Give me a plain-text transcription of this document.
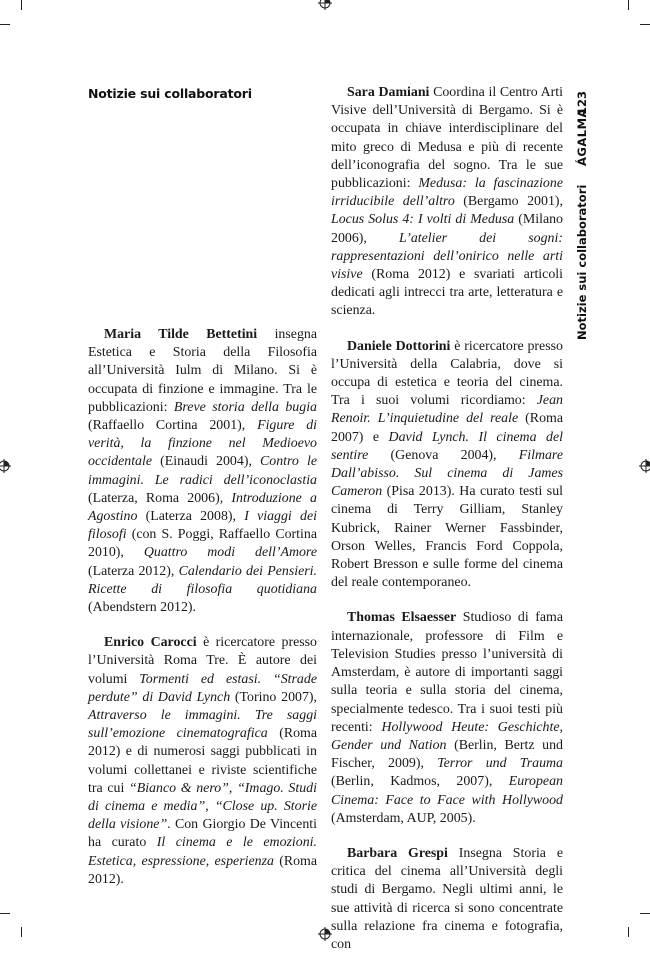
Notizie sui collaboratori
Notizie sui collaboratori
ÁGALMA
123

Maria Tilde Bettetini insegna Estetica e Storia della Filosofia all’Università Iulm di Milano. Si è occupata di finzione e immagine. Tra le pubblicazioni: Breve storia della bugia (Raffaello Cortina 2001), Figure di verità, la finzione nel Medioevo occidentale (Einaudi 2004), Contro le immagini. Le radici dell’iconoclastia (Laterza, Roma 2006), Introduzione a Agostino (Laterza 2008), I viaggi dei filosofi (con S. Poggi, Raffaello Cortina 2010), Quattro modi dell’Amore (Laterza 2012), Calendario dei Pensieri. Ricette di filosofia quotidiana (Abendstern 2012).

Enrico Carocci è ricercatore presso l’Università Roma Tre. È autore dei volumi Tormenti ed estasi. “Strade perdute” di David Lynch (Torino 2007), Attraverso le immagini. Tre saggi sull’emozione cinematografica (Roma 2012) e di numerosi saggi pubblicati in volumi collettanei e riviste scientifiche tra cui “Bianco & nero”, “Imago. Studi di cinema e media”, “Close up. Storie della visione”. Con Giorgio De Vincenti ha curato Il cinema e le emozioni. Estetica, espressione, esperienza (Roma 2012).

Sara Damiani Coordina il Centro Arti Visive dell’Università di Bergamo. Si è occupata in chiave interdisciplinare del mito greco di Medusa e più di recente dell’iconografia del sogno. Tra le sue pubblicazioni: Medusa: la fascinazione irriducibile dell’altro (Bergamo 2001), Locus Solus 4: I volti di Medusa (Milano 2006), L’atelier dei sogni: rappresentazioni dell’onirico nelle arti visive (Roma 2012) e svariati articoli dedicati agli intrecci tra arte, letteratura e scienza.

Daniele Dottorini è ricercatore presso l’Università della Calabria, dove si occupa di estetica e teoria del cinema. Tra i suoi volumi ricordiamo: Jean Renoir. L’inquietudine del reale (Roma 2007) e David Lynch. Il cinema del sentire (Genova 2004), Filmare Dall’abisso. Sul cinema di James Cameron (Pisa 2013). Ha curato testi sul cinema di Terry Gilliam, Stanley Kubrick, Rainer Werner Fassbinder, Orson Welles, Francis Ford Coppola, Robert Bresson e sulle forme del cinema del reale contemporaneo.

Thomas Elsaesser Studioso di fama internazionale, professore di Film e Television Studies presso l’università di Amsterdam, è autore di importanti saggi sulla teoria e sulla storia del cinema, specialmente tedesco. Tra i suoi testi più recenti: Hollywood Heute: Geschichte, Gender und Nation (Berlin, Bertz und Fischer, 2009), Terror und Trauma (Berlin, Kadmos, 2007), European Cinema: Face to Face with Hollywood (Amsterdam, AUP, 2005).

Barbara Grespi Insegna Storia e critica del cinema all’Università degli studi di Bergamo. Negli ultimi anni, le sue attività di ricerca si sono concentrate sulla relazione fra cinema e fotografia, con
